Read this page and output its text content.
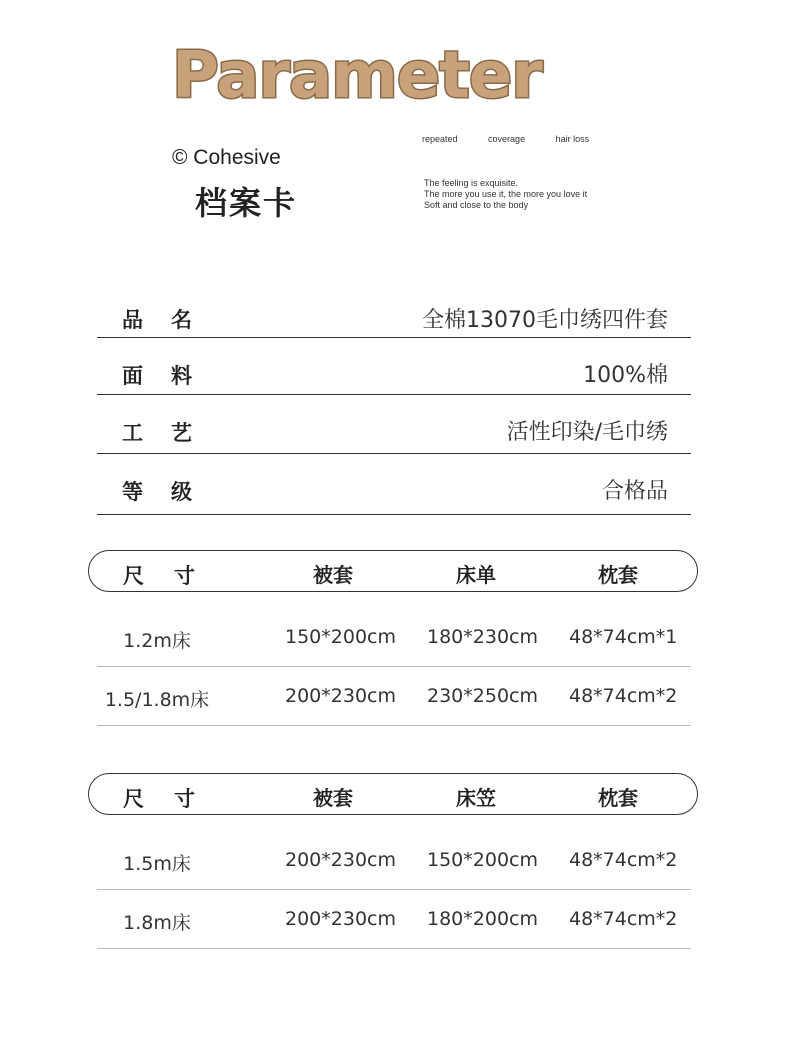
Parameter
© Cohesive
档案卡
repeated	coverage	hair loss
The feeling is exquisite.
The more you use it, the more you love it
Soft and close to the body
品名	全棉13070毛巾绣四件套
面料	100%棉
工艺	活性印染/毛巾绣
等级	合格品
尺寸	被套	床单	枕套
1.2m床	150*200cm 180*230cm 48*74cm*1
1.5/1.8m床	200*230cm 230*250cm 48*74cm*2
尺寸	被套	床笠	枕套
1.5m床	200*230cm 150*200cm 48*74cm*2
1.8m床	200*230cm 180*200cm 48*74cm*2
